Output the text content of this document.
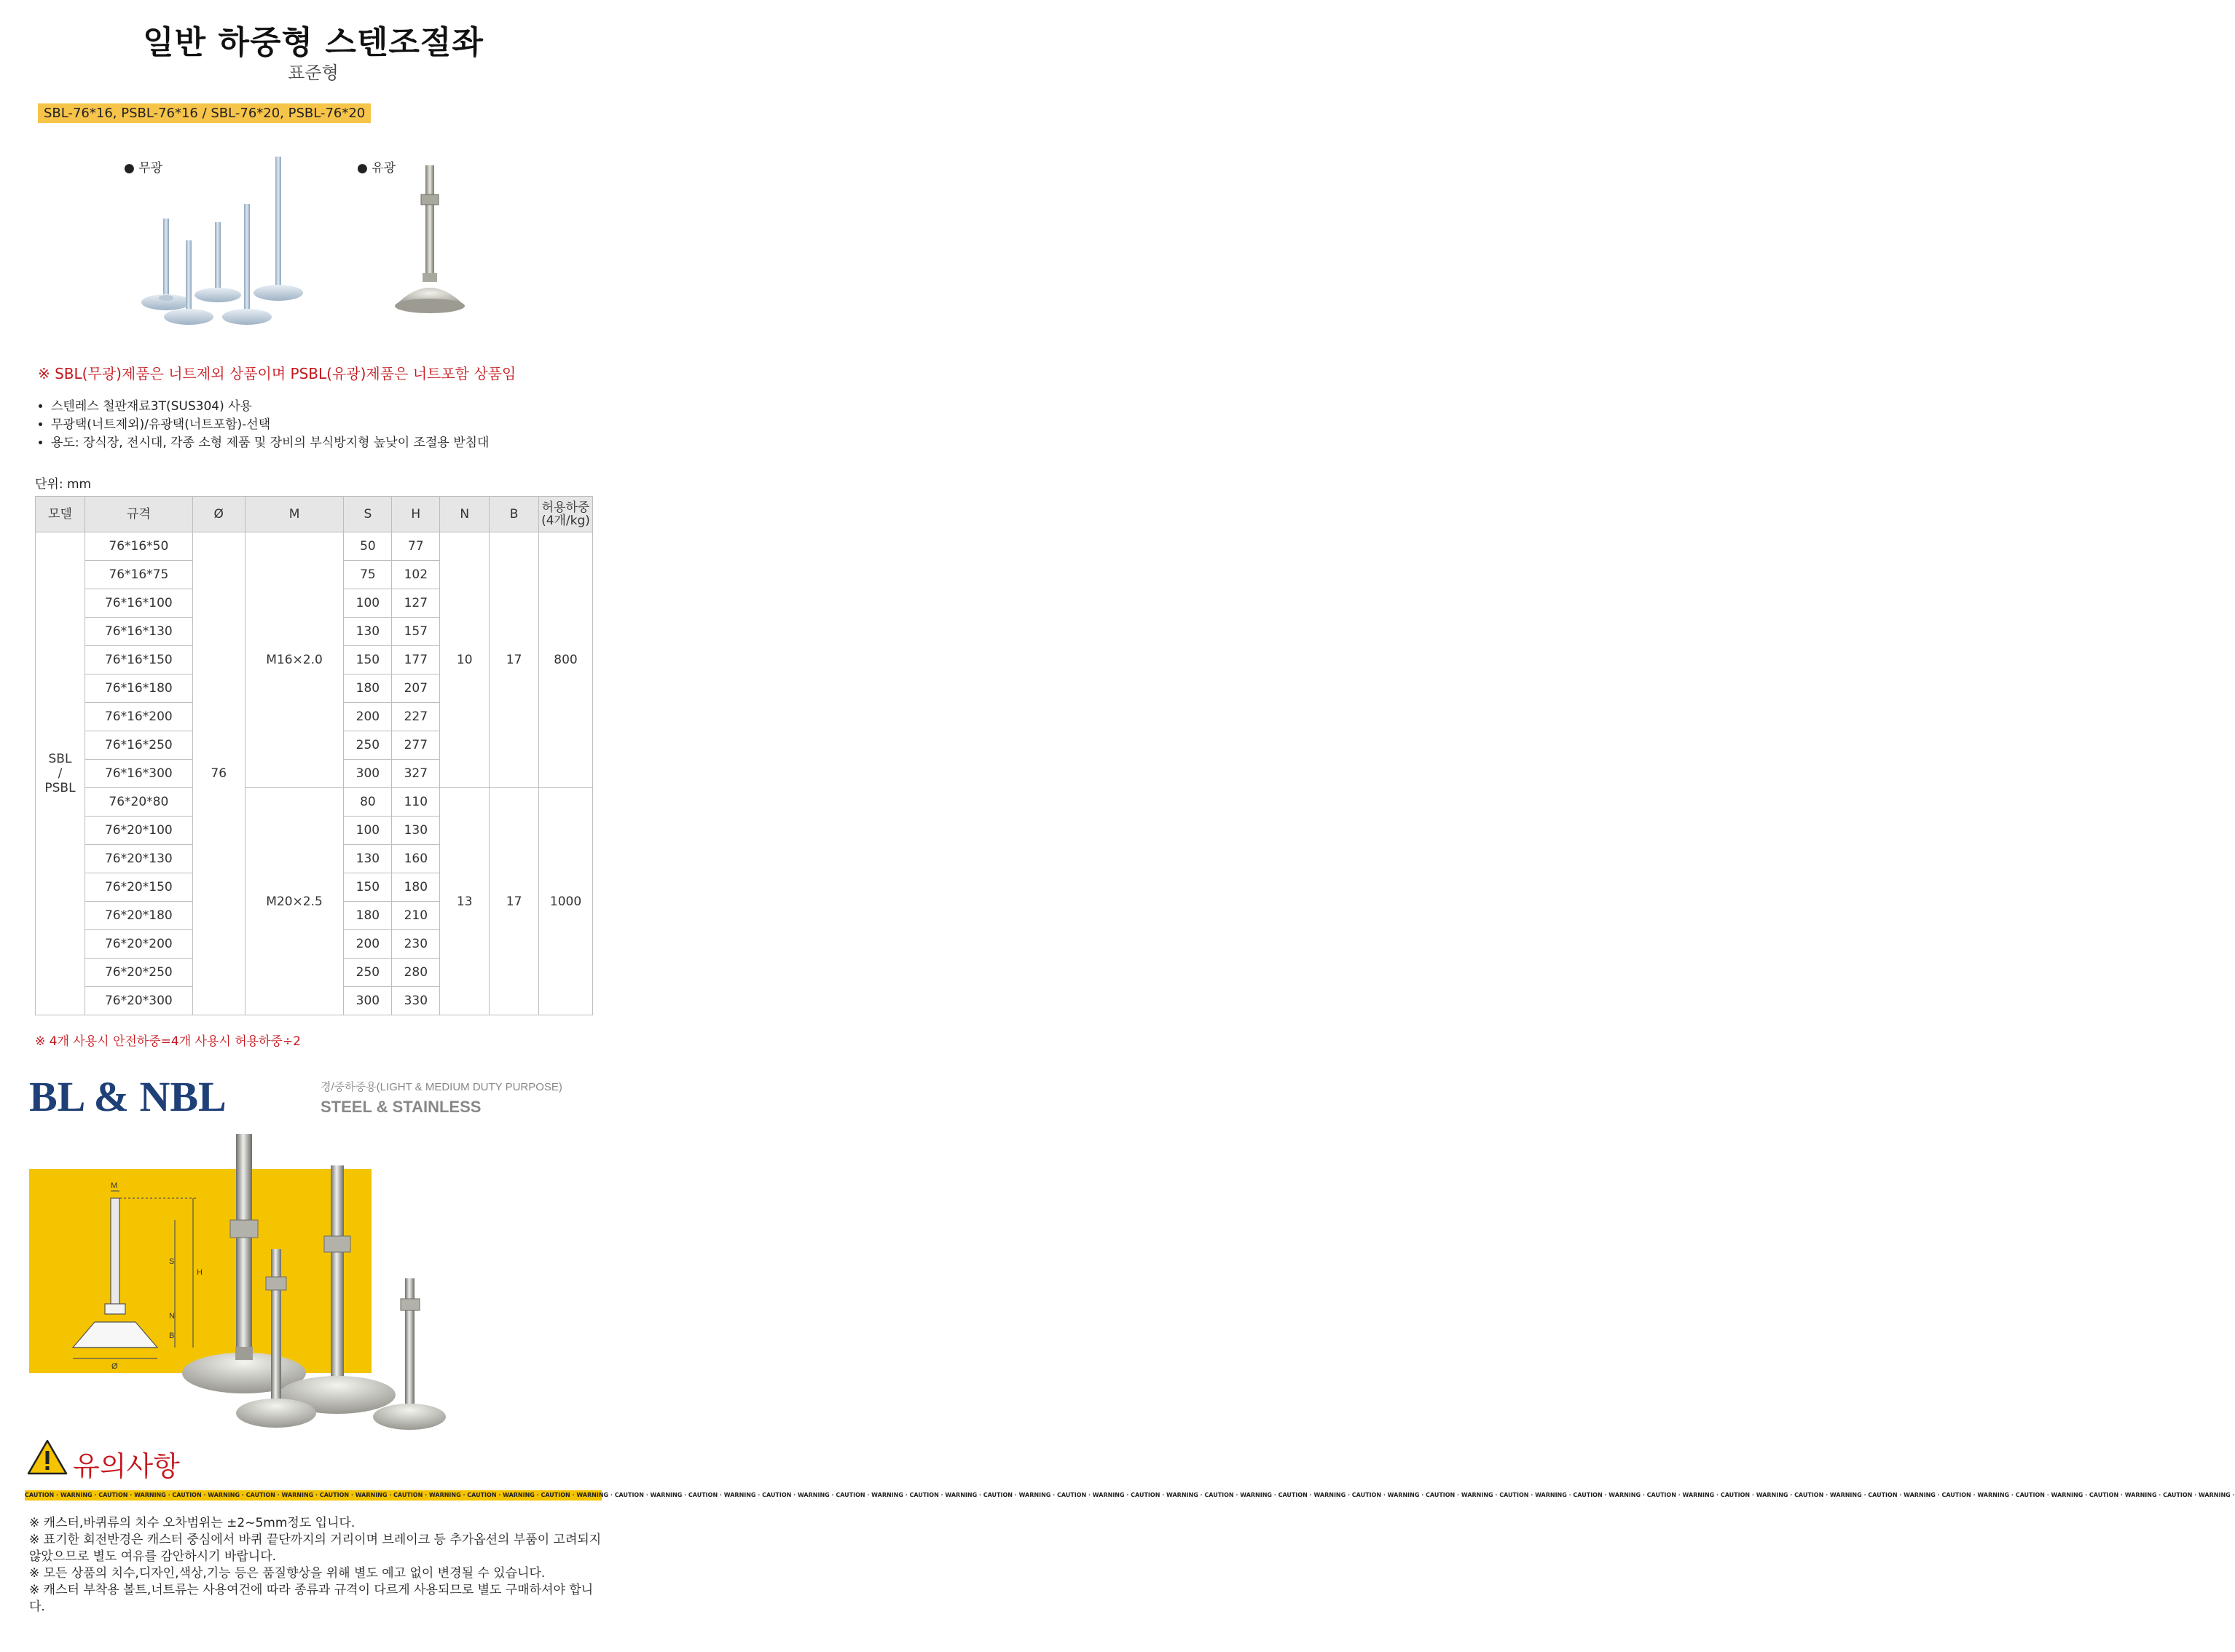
일반 하중형 스텐조절좌
표준형
SBL-76*16, PSBL-76*16 / SBL-76*20, PSBL-76*20
● 무광	● 유광
※ SBL(무광)제품은 너트제외 상품이며 PSBL(유광)제품은 너트포함 상품임
• 스텐레스 철판재료3T(SUS304) 사용
• 무광택(너트제외)/유광택(너트포함)-선택
• 용도: 장식장, 전시대, 각종 소형 제품 및 장비의 부식방지형 높낮이 조절용 받침대
단위: mm
모델	규격	Ø	M	S	H	N	B	허용하중
(4개/kg)
SBL
/
PSBL	76*16*50	76	M16×2.0	50	77	10	17	800
	76*16*75			75	102			
	76*16*100			100	127			
	76*16*130			130	157			
	76*16*150			150	177			
	76*16*180			180	207			
	76*16*200			200	227			
	76*16*250			250	277			
	76*16*300			300	327			
	76*20*80		M20×2.5	80	110	13	17	1000
	76*20*100			100	130			
	76*20*130			130	160			
	76*20*150			150	180			
	76*20*180			180	210			
	76*20*200			200	230			
	76*20*250			250	280			
	76*20*300			300	330			
※ 4개 사용시 안전하중=4개 사용시 허용하중÷2
BL & NBL	경/중하중용(LIGHT & MEDIUM DUTY PURPOSE)
STEEL & STAINLESS
M
S
H
N
B
Ø
유의사항
CAUTION · WARNING · CAUTION · WARNING · CAUTION · WARNING · CAUTION · WARNING · CAUTION · WARNING · CAUTION · WARNING · CAUTION · WARNING · CAUTION · WARNING · CAUTION · WARNING · CAUTION · WARNING · CAUTION · WARNING · CAUTION · WARNING · CAUTION · WARNING · CAUTION · WARNING · CAUTION · WARNING · CAUTION · WARNING · CAUTION · WARNING · CAUTION · WARNING · CAUTION · WARNING · CAUTION · WARNING · CAUTION · WARNING · CAUTION · WARNING · CAUTION · WARNING · CAUTION · WARNING · CAUTION · WARNING · CAUTION · WARNING · CAUTION · WARNING · CAUTION · WARNING · CAUTION · WARNING · CAUTION · WARNING ·

※ 캐스터,바퀴류의 치수 오차범위는 ±2~5mm정도 입니다.

※ 표기한 회전반경은 캐스터 중심에서 바퀴 끝단까지의 거리이며 브레이크 등 추가옵션의 부품이 고려되지 않았으므로 별도 여유를 감안하시기 바랍니다.

※ 모든 상품의 치수,디자인,색상,기능 등은 품질향상을 위해 별도 예고 없이 변경될 수 있습니다.

※ 캐스터 부착용 볼트,너트류는 사용여건에 따라 종류과 규격이 다르게 사용되므로 별도 구매하셔야 합니다.
